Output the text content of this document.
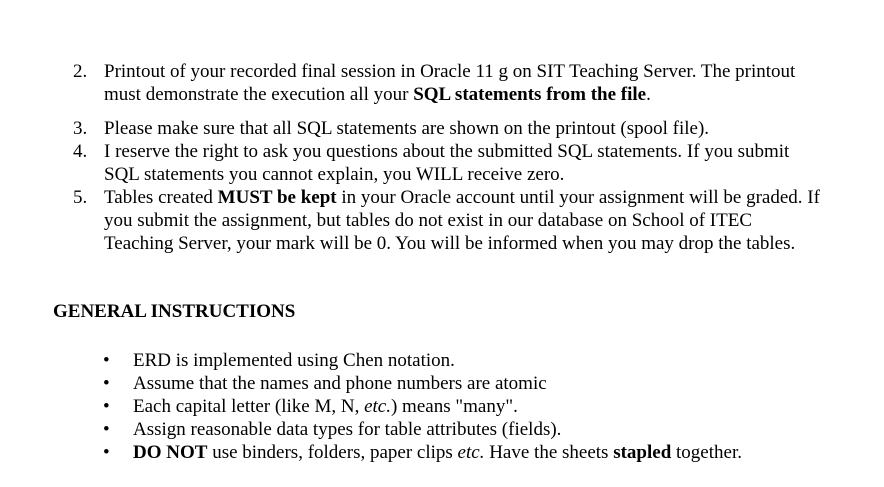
2. Printout of your recorded final session in Oracle 11 g on SIT Teaching Server. The printout must demonstrate the execution all your SQL statements from the file.
3. Please make sure that all SQL statements are shown on the printout (spool file).
4. I reserve the right to ask you questions about the submitted SQL statements. If you submit SQL statements you cannot explain, you WILL receive zero.
5. Tables created MUST be kept in your Oracle account until your assignment will be graded. If you submit the assignment, but tables do not exist in our database on School of ITEC Teaching Server, your mark will be 0. You will be informed when you may drop the tables.
GENERAL INSTRUCTIONS
• ERD is implemented using Chen notation.
• Assume that the names and phone numbers are atomic
• Each capital letter (like M, N, etc.) means "many".
• Assign reasonable data types for table attributes (fields).
• DO NOT use binders, folders, paper clips etc. Have the sheets stapled together.
